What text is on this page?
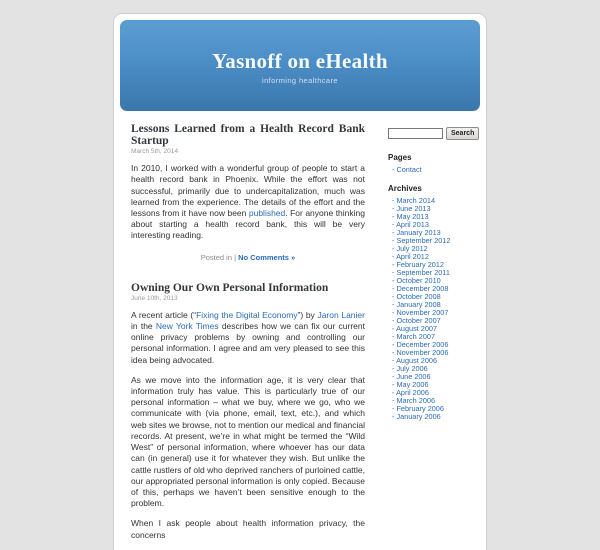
Yasnoff on eHealth
informing healthcare
Lessons Learned from a Health Record Bank Startup
March 5th, 2014

In 2010, I worked with a wonderful group of people to start a health record bank in Phoenix. While the effort was not successful, primarily due to undercapitalization, much was learned from the experience. The details of the effort and the lessons from it have now been published. For anyone thinking about starting a health record bank, this will be very interesting reading.

Posted in | No Comments »
Owning Our Own Personal Information
June 10th, 2013

A recent article (“Fixing the Digital Economy”) by Jaron Lanier in the New York Times describes how we can fix our current online privacy problems by owning and controlling our personal information. I agree and am very pleased to see this idea being advocated.

As we move into the information age, it is very clear that information truly has value. This is particularly true of our personal information – what we buy, where we go, who we communicate with (via phone, email, text, etc.), and which web sites we browse, not to mention our medical and financial records. At present, we’re in what might be termed the “Wild West” of personal information, where whoever has our data can (in general) use it for whatever they wish. But unlike the cattle rustlers of old who deprived ranchers of purloined cattle, our appropriated personal information is only copied. Because of this, perhaps we haven’t been sensitive enough to the problem.

When I ask people about health information privacy, the concerns

Search
Pages
- Contact
Archives
- March 2014
- June 2013
- May 2013
- April 2013
- January 2013
- September 2012
- July 2012
- April 2012
- February 2012
- September 2011
- October 2010
- December 2008
- October 2008
- January 2008
- November 2007
- October 2007
- August 2007
- March 2007
- December 2006
- November 2006
- August 2006
- July 2006
- June 2006
- May 2006
- April 2006
- March 2006
- February 2006
- January 2006
